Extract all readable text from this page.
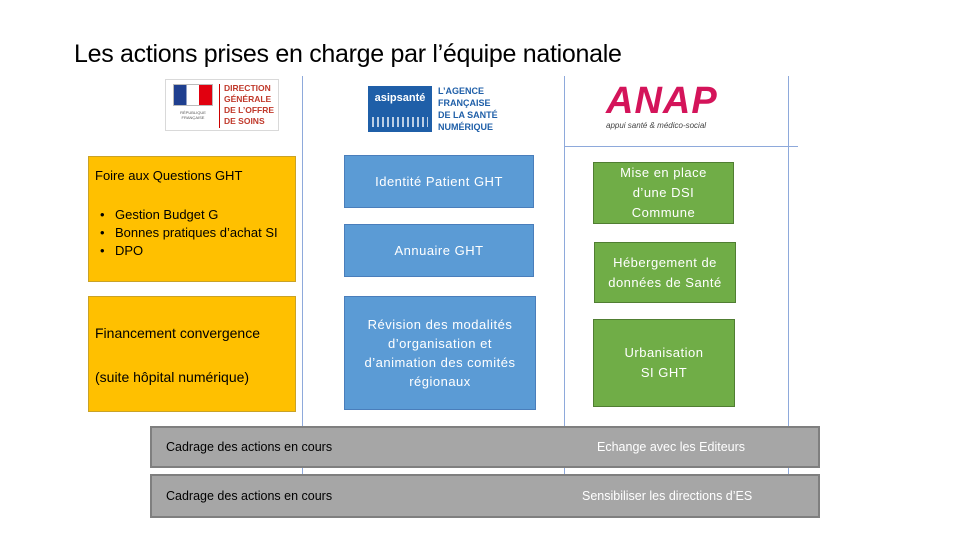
Les actions prises en charge par l’équipe nationale
RÉPUBLIQUE FRANÇAISE
DIRECTION
GÉNÉRALE
DE L’OFFRE
DE SOINS
asipsanté
L’AGENCE
FRANÇAISE
DE LA SANTÉ
NUMÉRIQUE
ANAP
appui santé & médico-social
Foire aux Questions GHT
• Gestion Budget G
• Bonnes pratiques d’achat SI
• DPO
Financement convergence
(suite hôpital numérique)
Identité Patient GHT
Annuaire GHT
Révision des modalités
d’organisation et
d’animation des comités
régionaux
Mise en place
d’une DSI
Commune
Hébergement de
données de Santé
Urbanisation
SI GHT
Cadrage des actions en cours	Echange avec les Editeurs
Cadrage des actions en cours	Sensibiliser les directions d’ES
